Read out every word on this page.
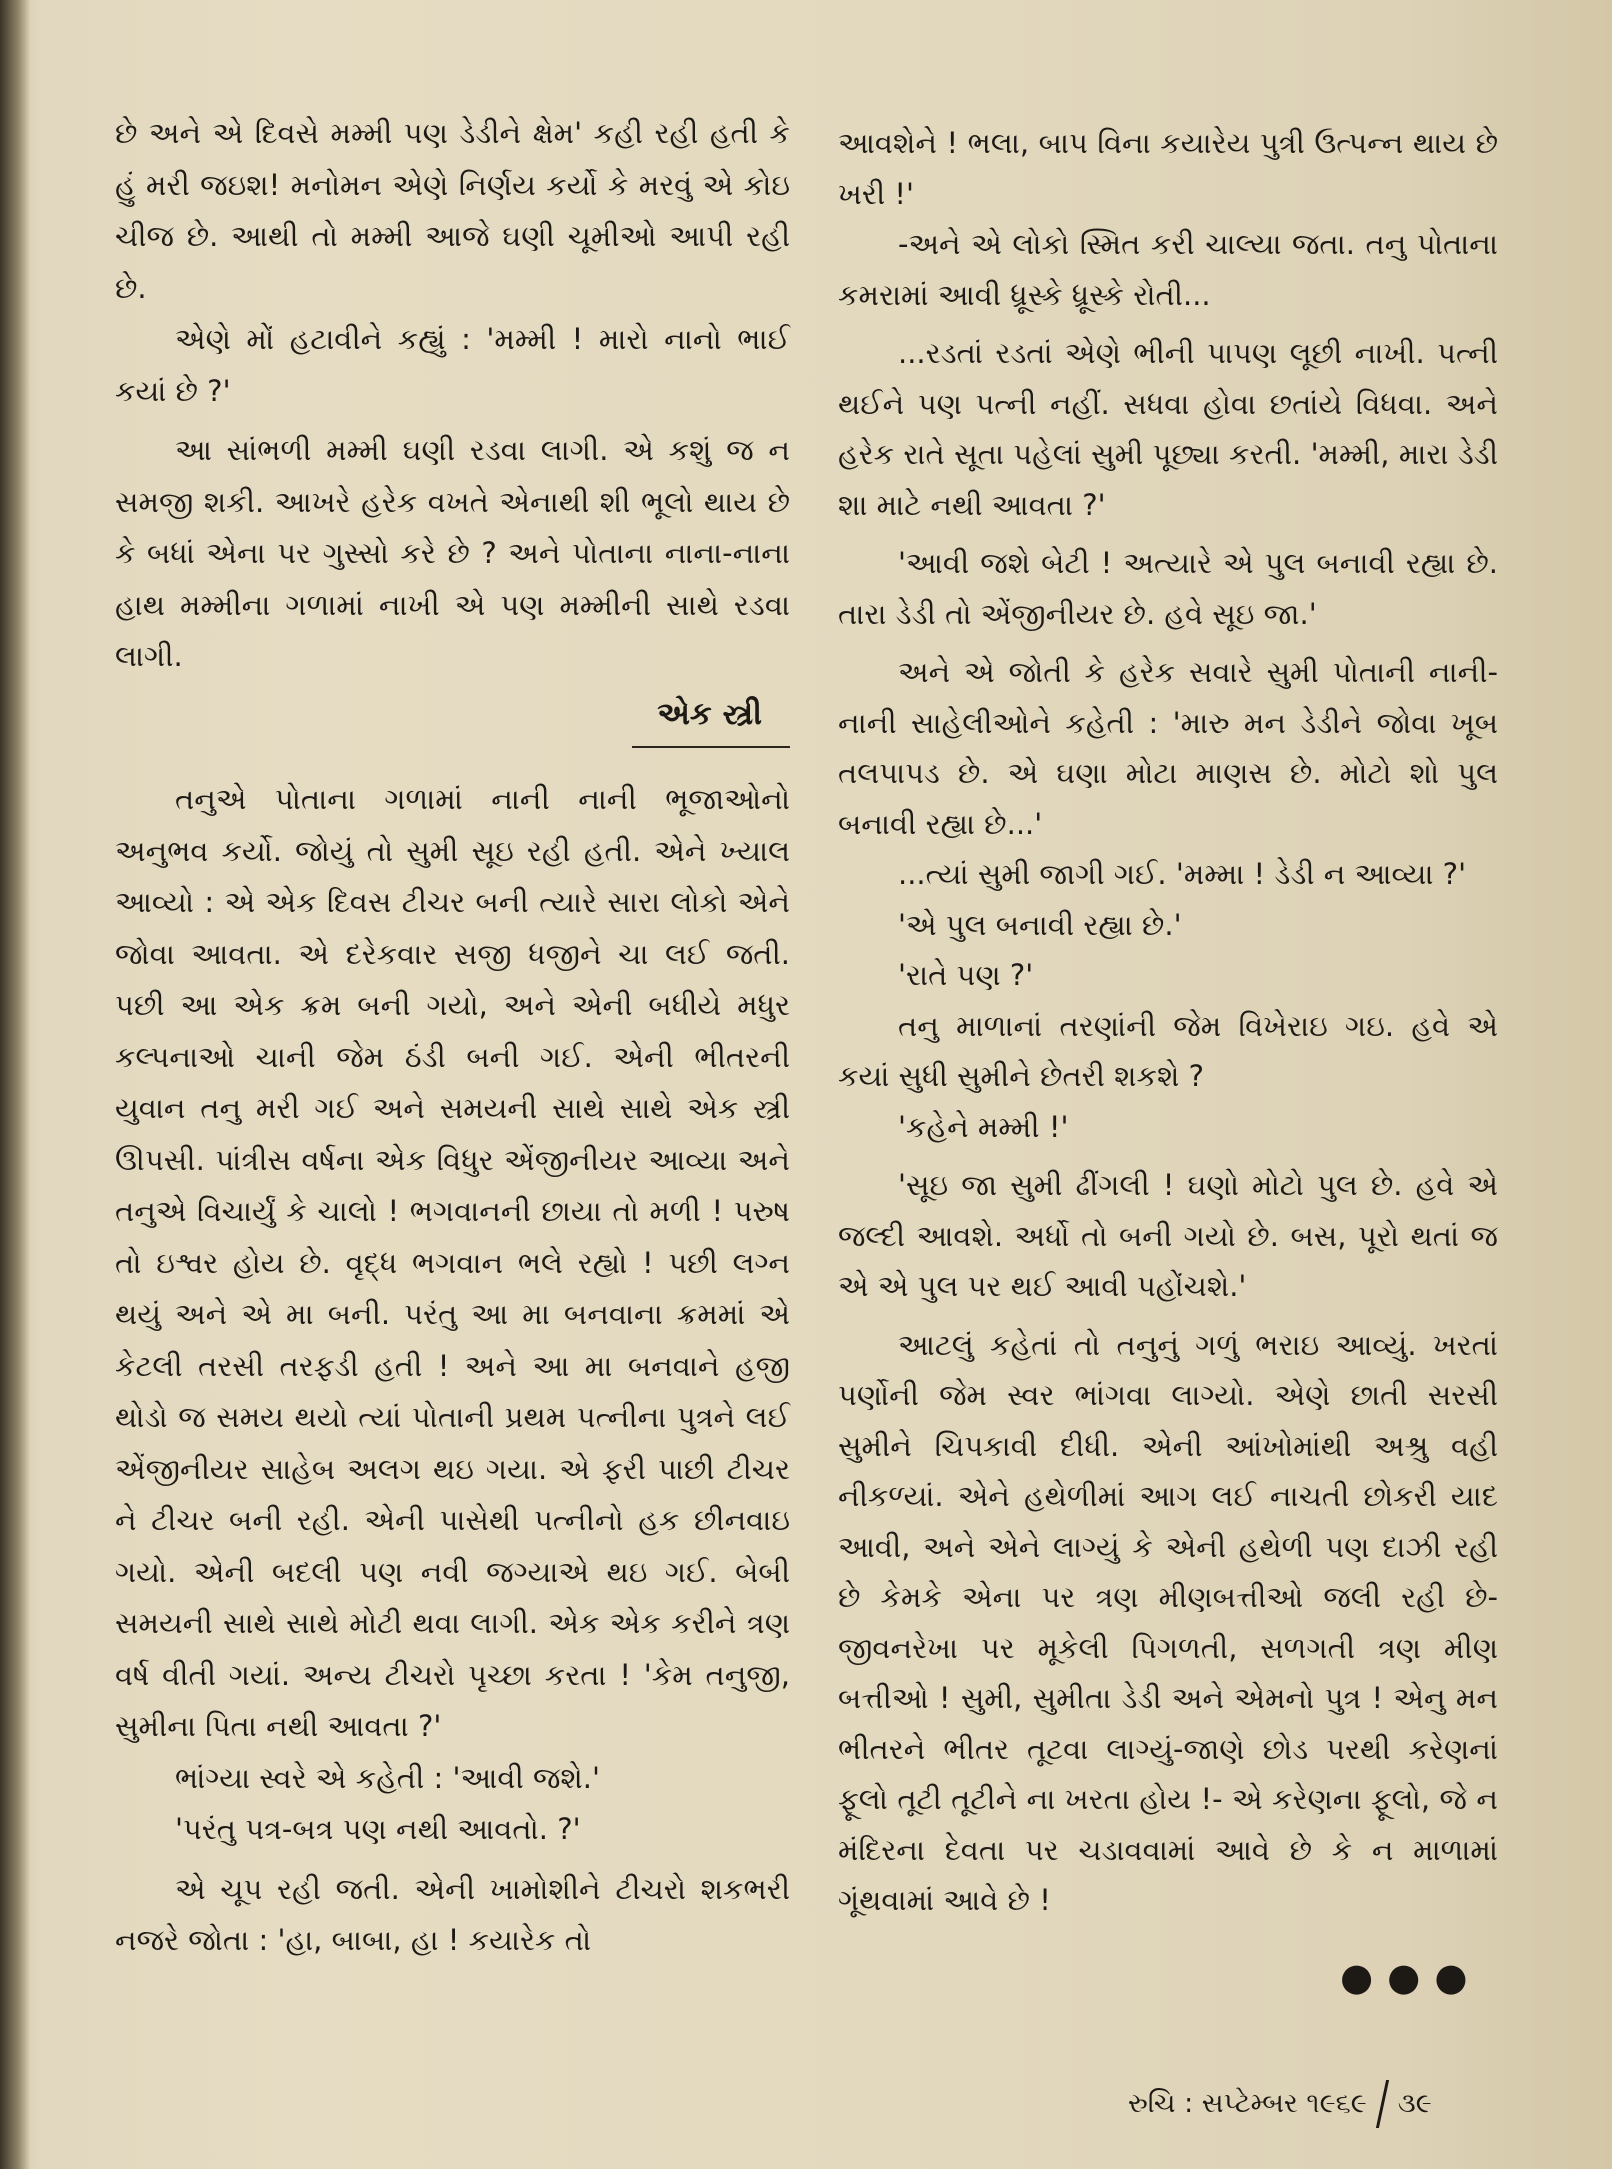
છે અને એ દિવસે મમ્મી પણ ડેડીને ક્ષેમ' કહી રહી હતી કે હું મરી જઇશ! મનોમન એણે નિર્ણય કર્યો કે મરવું એ કોઇ ચીજ છે. આથી તો મમ્મી આજે ઘણી ચૂમીઓ આપી રહી છે.

એણે મોં હટાવીને કહ્યું : 'મમ્મી ! મારો નાનો ભાઈ કયાં છે ?'

આ સાંભળી મમ્મી ઘણી રડવા લાગી. એ કશું જ ન સમજી શકી. આખરે હરેક વખતે એનાથી શી ભૂલો થાય છે કે બધાં એના પર ગુસ્સો કરે છે ? અને પોતાના નાના-નાના હાથ મમ્મીના ગળામાં નાખી એ પણ મમ્મીની સાથે રડવા લાગી.

એક સ્ત્રી

તનુએ પોતાના ગળામાં નાની નાની ભૂજાઓનો અનુભવ કર્યો. જોયું તો સુમી સૂઇ રહી હતી. એને ખ્યાલ આવ્યો : એ એક દિવસ ટીચર બની ત્યારે સારા લોકો એને જોવા આવતા. એ દરેકવાર સજી ધજીને ચા લઈ જતી. પછી આ એક ક્રમ બની ગયો, અને એની બધીયે મધુર કલ્પનાઓ ચાની જેમ ઠંડી બની ગઈ. એની ભીતરની યુવાન તનુ મરી ગઈ અને સમયની સાથે સાથે એક સ્ત્રી ઊપસી. પાંત્રીસ વર્ષના એક વિધુર એંજીનીયર આવ્યા અને તનુએ વિચાર્યું કે ચાલો ! ભગવાનની છાયા તો મળી ! પરુષ તો ઇશ્વર હોય છે. વૃદ્ધ ભગવાન ભલે રહ્યો ! પછી લગ્ન થયું અને એ મા બની. પરંતુ આ મા બનવાના ક્રમમાં એ કેટલી તરસી તરફડી હતી ! અને આ મા બનવાને હજી થોડો જ સમય થયો ત્યાં પોતાની પ્રથમ પત્નીના પુત્રને લઈ એંજીનીયર સાહેબ અલગ થઇ ગયા. એ ફરી પાછી ટીચર ને ટીચર બની રહી. એની પાસેથી પત્નીનો હક છીનવાઇ ગયો. એની બદલી પણ નવી જગ્યાએ થઇ ગઈ. બેબી સમયની સાથે સાથે મોટી થવા લાગી. એક એક કરીને ત્રણ વર્ષ વીતી ગયાં. અન્ય ટીચરો પૃચ્છા કરતા ! 'કેમ તનુજી, સુમીના પિતા નથી આવતા ?'

ભાંગ્યા સ્વરે એ કહેતી : 'આવી જશે.'

'પરંતુ પત્ર-બત્ર પણ નથી આવતો. ?'

એ ચૂપ રહી જતી. એની ખામોશીને ટીચરો શકભરી નજરે જોતા : 'હા, બાબા, હા ! કયારેક તો

આવશેને ! ભલા, બાપ વિના કયારેય પુત્રી ઉત્પન્ન થાય છે ખરી !'

-અને એ લોકો સ્મિત કરી ચાલ્યા જતા. તનુ પોતાના કમરામાં આવી ધ્રૂસ્કે ધ્રૂસ્કે રોતી...

...રડતાં રડતાં એણે ભીની પાપણ લૂછી નાખી. પત્ની થઈને પણ પત્ની નહીં. સધવા હોવા છતાંયે વિધવા. અને હરેક રાતે સૂતા પહેલાં સુમી પૂછ્યા કરતી. 'મમ્મી, મારા ડેડી શા માટે નથી આવતા ?'

'આવી જશે બેટી ! અત્યારે એ પુલ બનાવી રહ્યા છે. તારા ડેડી તો એંજીનીયર છે. હવે સૂઇ જા.'

અને એ જોતી કે હરેક સવારે સુમી પોતાની નાની-નાની સાહેલીઓને કહેતી : 'મારુ મન ડેડીને જોવા ખૂબ તલપાપડ છે. એ ઘણા મોટા માણસ છે. મોટો શો પુલ બનાવી રહ્યા છે...'

...ત્યાં સુમી જાગી ગઈ. 'મમ્મા ! ડેડી ન આવ્યા ?'

'એ પુલ બનાવી રહ્યા છે.'

'રાતે પણ ?'

તનુ માળાનાં તરણાંની જેમ વિખેરાઇ ગઇ. હવે એ કયાં સુધી સુમીને છેતરી શકશે ?

'કહેને મમ્મી !'

'સૂઇ જા સુમી ઢીંગલી ! ઘણો મોટો પુલ છે. હવે એ જલ્દી આવશે. અર્ધો તો બની ગયો છે. બસ, પૂરો થતાં જ એ એ પુલ પર થઈ આવી પહોંચશે.'

આટલું કહેતાં તો તનુનું ગળું ભરાઇ આવ્યું. ખરતાં પર્ણોની જેમ સ્વર ભાંગવા લાગ્યો. એણે છાતી સરસી સુમીને ચિપકાવી દીધી. એની આંખોમાંથી અશ્રુ વહી નીકળ્યાં. એને હથેળીમાં આગ લઈ નાચતી છોકરી યાદ આવી, અને એને લાગ્યું કે એની હથેળી પણ દાઝી રહી છે કેમકે એના પર ત્રણ મીણબત્તીઓ જલી રહી છે- જીવનરેખા પર મૂકેલી પિગળતી, સળગતી ત્રણ મીણ બત્તીઓ ! સુમી, સુમીતા ડેડી અને એમનો પુત્ર ! એનુ મન ભીતરને ભીતર તૂટવા લાગ્યું-જાણે છોડ પરથી કરેણનાં ફૂલો તૂટી તૂટીને ના ખરતા હોય !- એ કરેણના ફૂલો, જે ન મંદિરના દેવતા પર ચડાવવામાં આવે છે કે ન માળામાં ગૂંથવામાં આવે છે !

●●●
રુચિ : સપ્ટેમ્બર ૧૯૬૯ ૩૯
